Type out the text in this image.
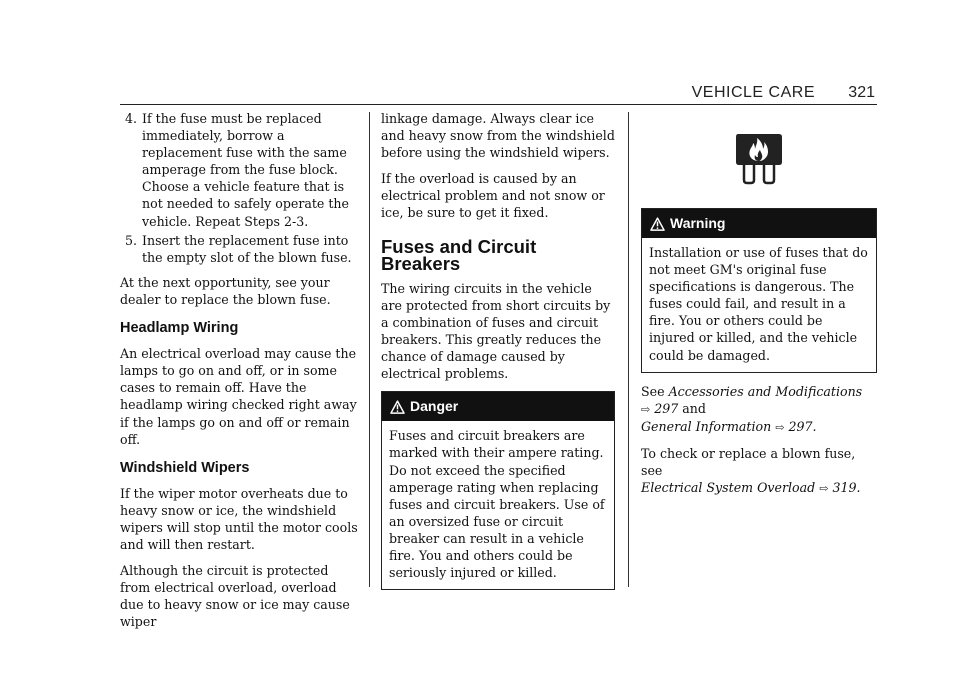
VEHICLE CARE 321
4. If the fuse must be replaced immediately, borrow a replacement fuse with the same amperage from the fuse block. Choose a vehicle feature that is not needed to safely operate the vehicle. Repeat Steps 2-3.
5. Insert the replacement fuse into the empty slot of the blown fuse.

At the next opportunity, see your dealer to replace the blown fuse.

Headlamp Wiring

An electrical overload may cause the lamps to go on and off, or in some cases to remain off. Have the headlamp wiring checked right away if the lamps go on and off or remain off.

Windshield Wipers

If the wiper motor overheats due to heavy snow or ice, the windshield wipers will stop until the motor cools and will then restart.

Although the circuit is protected from electrical overload, overload due to heavy snow or ice may cause wiper

linkage damage. Always clear ice and heavy snow from the windshield before using the windshield wipers.

If the overload is caused by an electrical problem and not snow or ice, be sure to get it fixed.

Fuses and Circuit Breakers

The wiring circuits in the vehicle are protected from short circuits by a combination of fuses and circuit breakers. This greatly reduces the chance of damage caused by electrical problems.

Danger
Fuses and circuit breakers are marked with their ampere rating. Do not exceed the specified amperage rating when replacing fuses and circuit breakers. Use of an oversized fuse or circuit breaker can result in a vehicle fire. You and others could be seriously injured or killed.
Warning
Installation or use of fuses that do not meet GM's original fuse specifications is dangerous. The fuses could fail, and result in a fire. You or others could be injured or killed, and the vehicle could be damaged.

See Accessories and Modifications
⇨ 297 and
General Information ⇨ 297.

To check or replace a blown fuse, see
Electrical System Overload ⇨ 319.
